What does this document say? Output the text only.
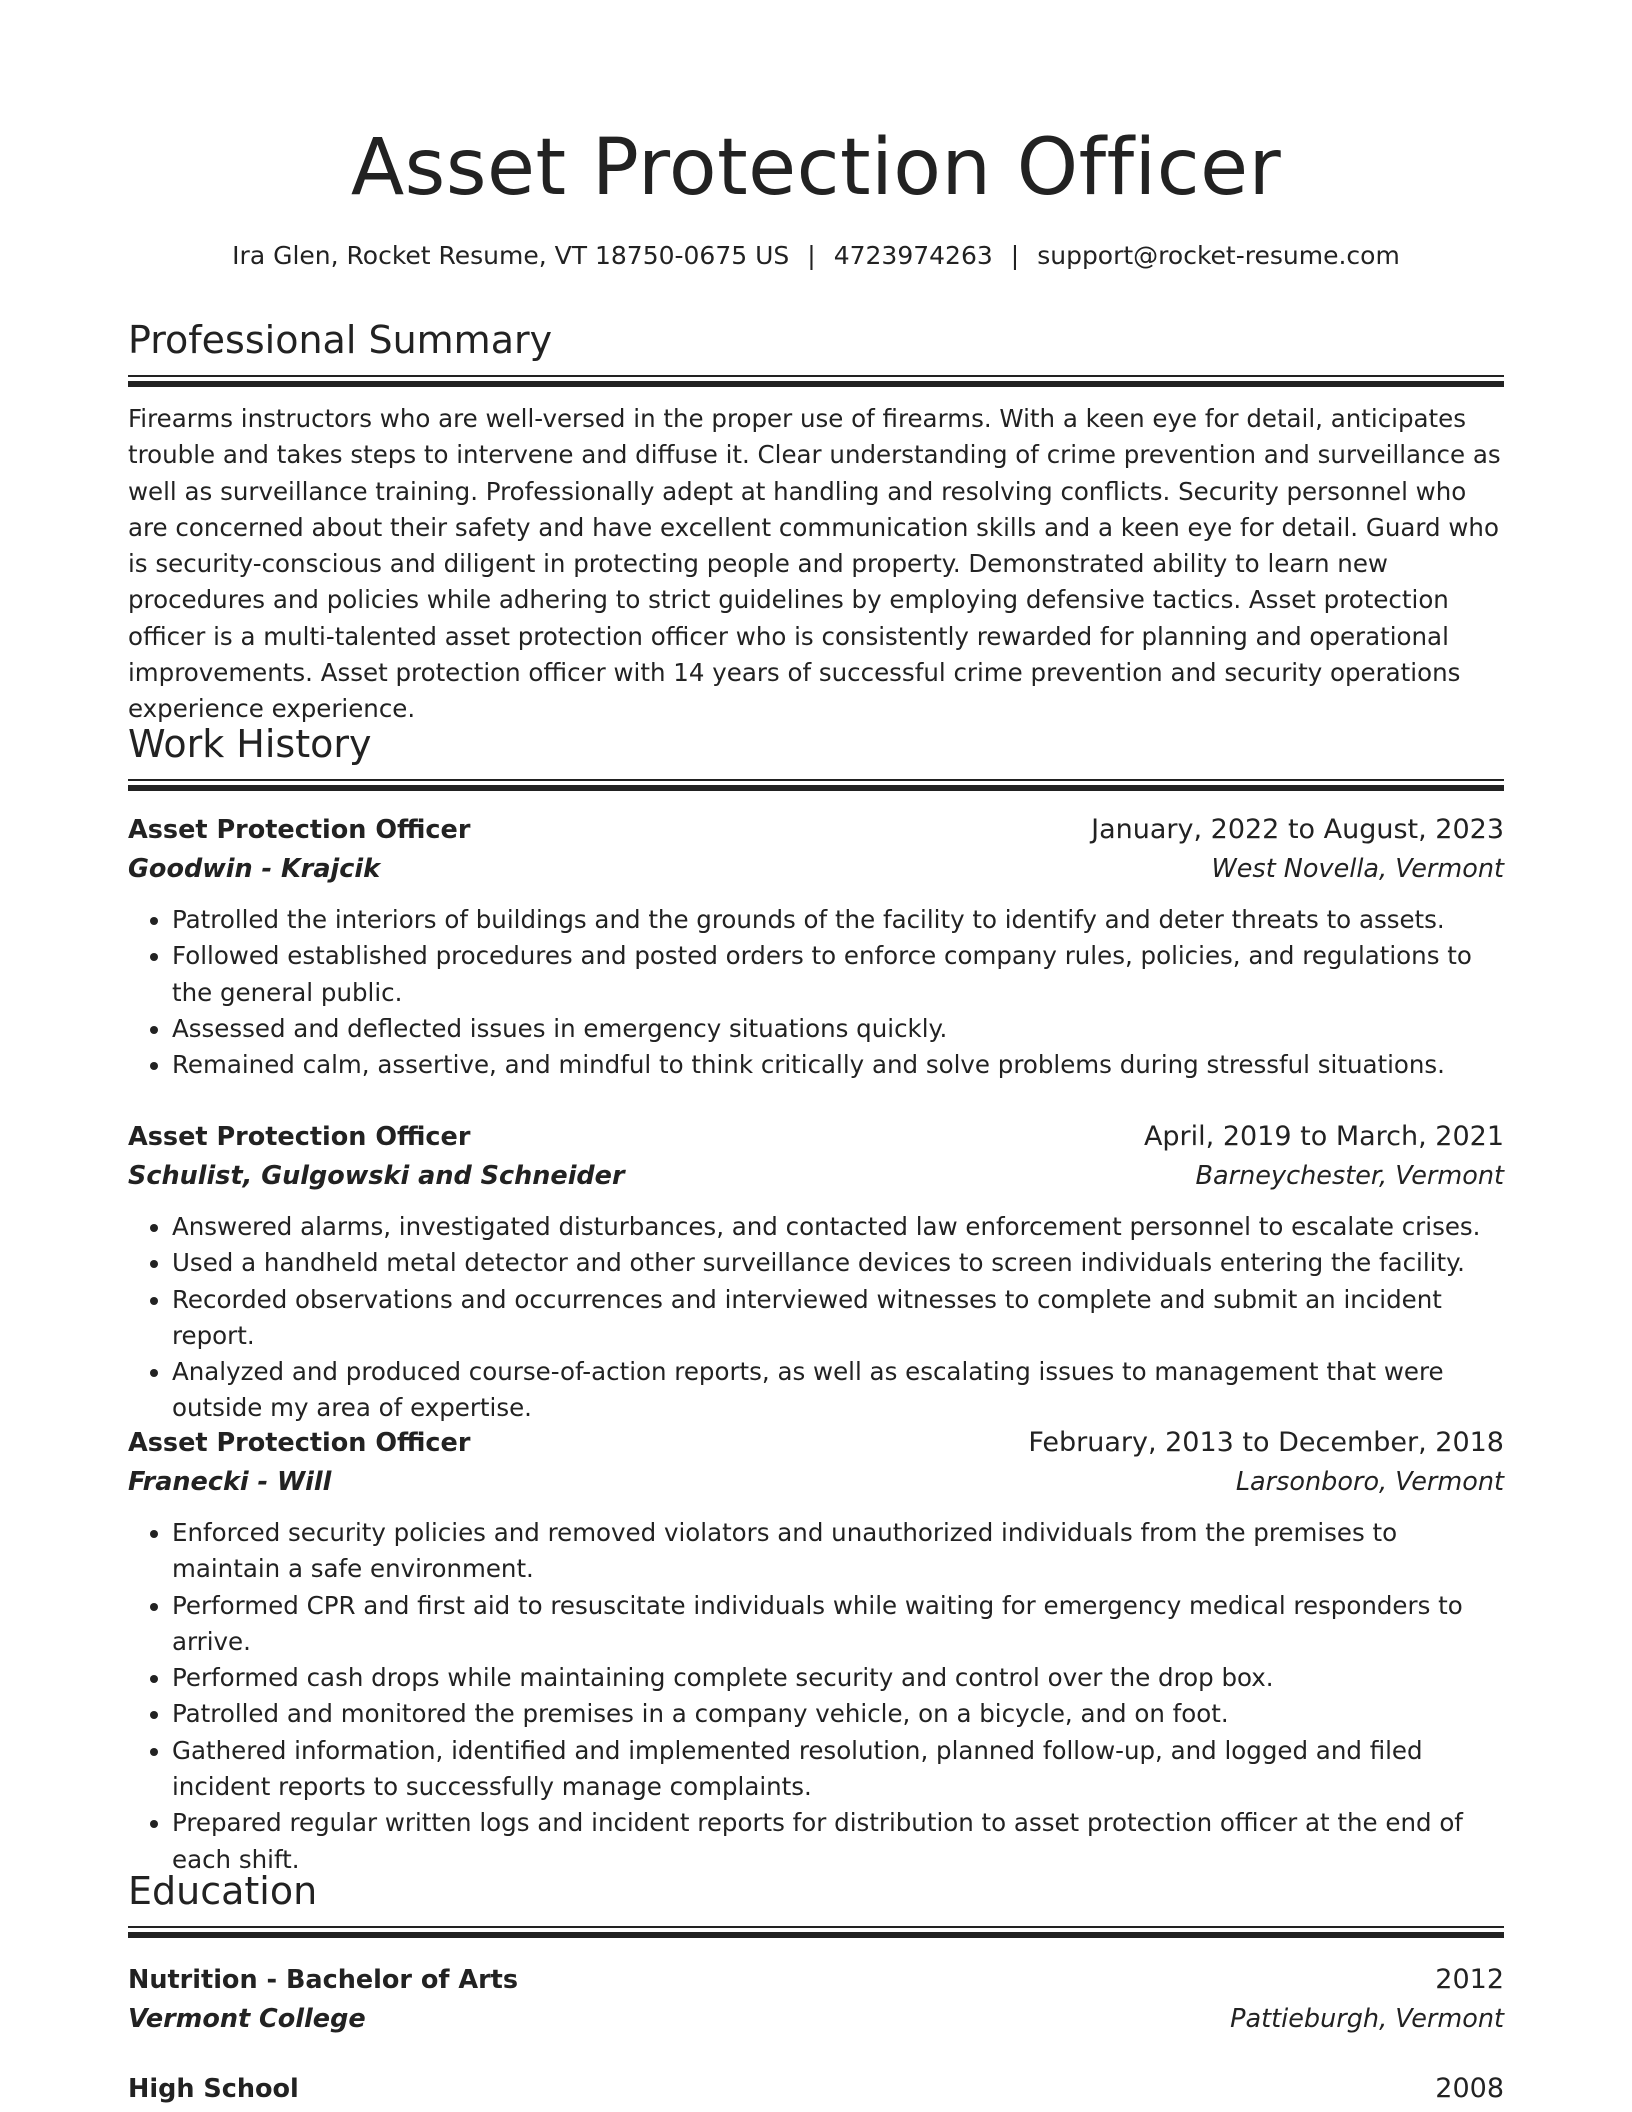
Asset Protection Officer
Ira Glen, Rocket Resume, VT 18750-0675 US | 4723974263 | support@rocket-resume.com
Professional Summary
Firearms instructors who are well-versed in the proper use of firearms. With a keen eye for detail, anticipates trouble and takes steps to intervene and diffuse it. Clear understanding of crime prevention and surveillance as well as surveillance training. Professionally adept at handling and resolving conflicts. Security personnel who are concerned about their safety and have excellent communication skills and a keen eye for detail. Guard who is security-conscious and diligent in protecting people and property. Demonstrated ability to learn new procedures and policies while adhering to strict guidelines by employing defensive tactics. Asset protection officer is a multi-talented asset protection officer who is consistently rewarded for planning and operational improvements. Asset protection officer with 14 years of successful crime prevention and security operations experience experience.
Work History
Asset Protection Officer	January, 2022 to August, 2023
Goodwin - Krajcik	West Novella, Vermont
• Patrolled the interiors of buildings and the grounds of the facility to identify and deter threats to assets.
• Followed established procedures and posted orders to enforce company rules, policies, and regulations to the general public.
• Assessed and deflected issues in emergency situations quickly.
• Remained calm, assertive, and mindful to think critically and solve problems during stressful situations.
Asset Protection Officer	April, 2019 to March, 2021
Schulist, Gulgowski and Schneider	Barneychester, Vermont
• Answered alarms, investigated disturbances, and contacted law enforcement personnel to escalate crises.
• Used a handheld metal detector and other surveillance devices to screen individuals entering the facility.
• Recorded observations and occurrences and interviewed witnesses to complete and submit an incident report.
• Analyzed and produced course-of-action reports, as well as escalating issues to management that were outside my area of expertise.
Asset Protection Officer	February, 2013 to December, 2018
Franecki - Will	Larsonboro, Vermont
• Enforced security policies and removed violators and unauthorized individuals from the premises to maintain a safe environment.
• Performed CPR and first aid to resuscitate individuals while waiting for emergency medical responders to arrive.
• Performed cash drops while maintaining complete security and control over the drop box.
• Patrolled and monitored the premises in a company vehicle, on a bicycle, and on foot.
• Gathered information, identified and implemented resolution, planned follow-up, and logged and filed incident reports to successfully manage complaints.
• Prepared regular written logs and incident reports for distribution to asset protection officer at the end of each shift.
Education
Nutrition - Bachelor of Arts	2012
Vermont College	Pattieburgh, Vermont
High School	2008
